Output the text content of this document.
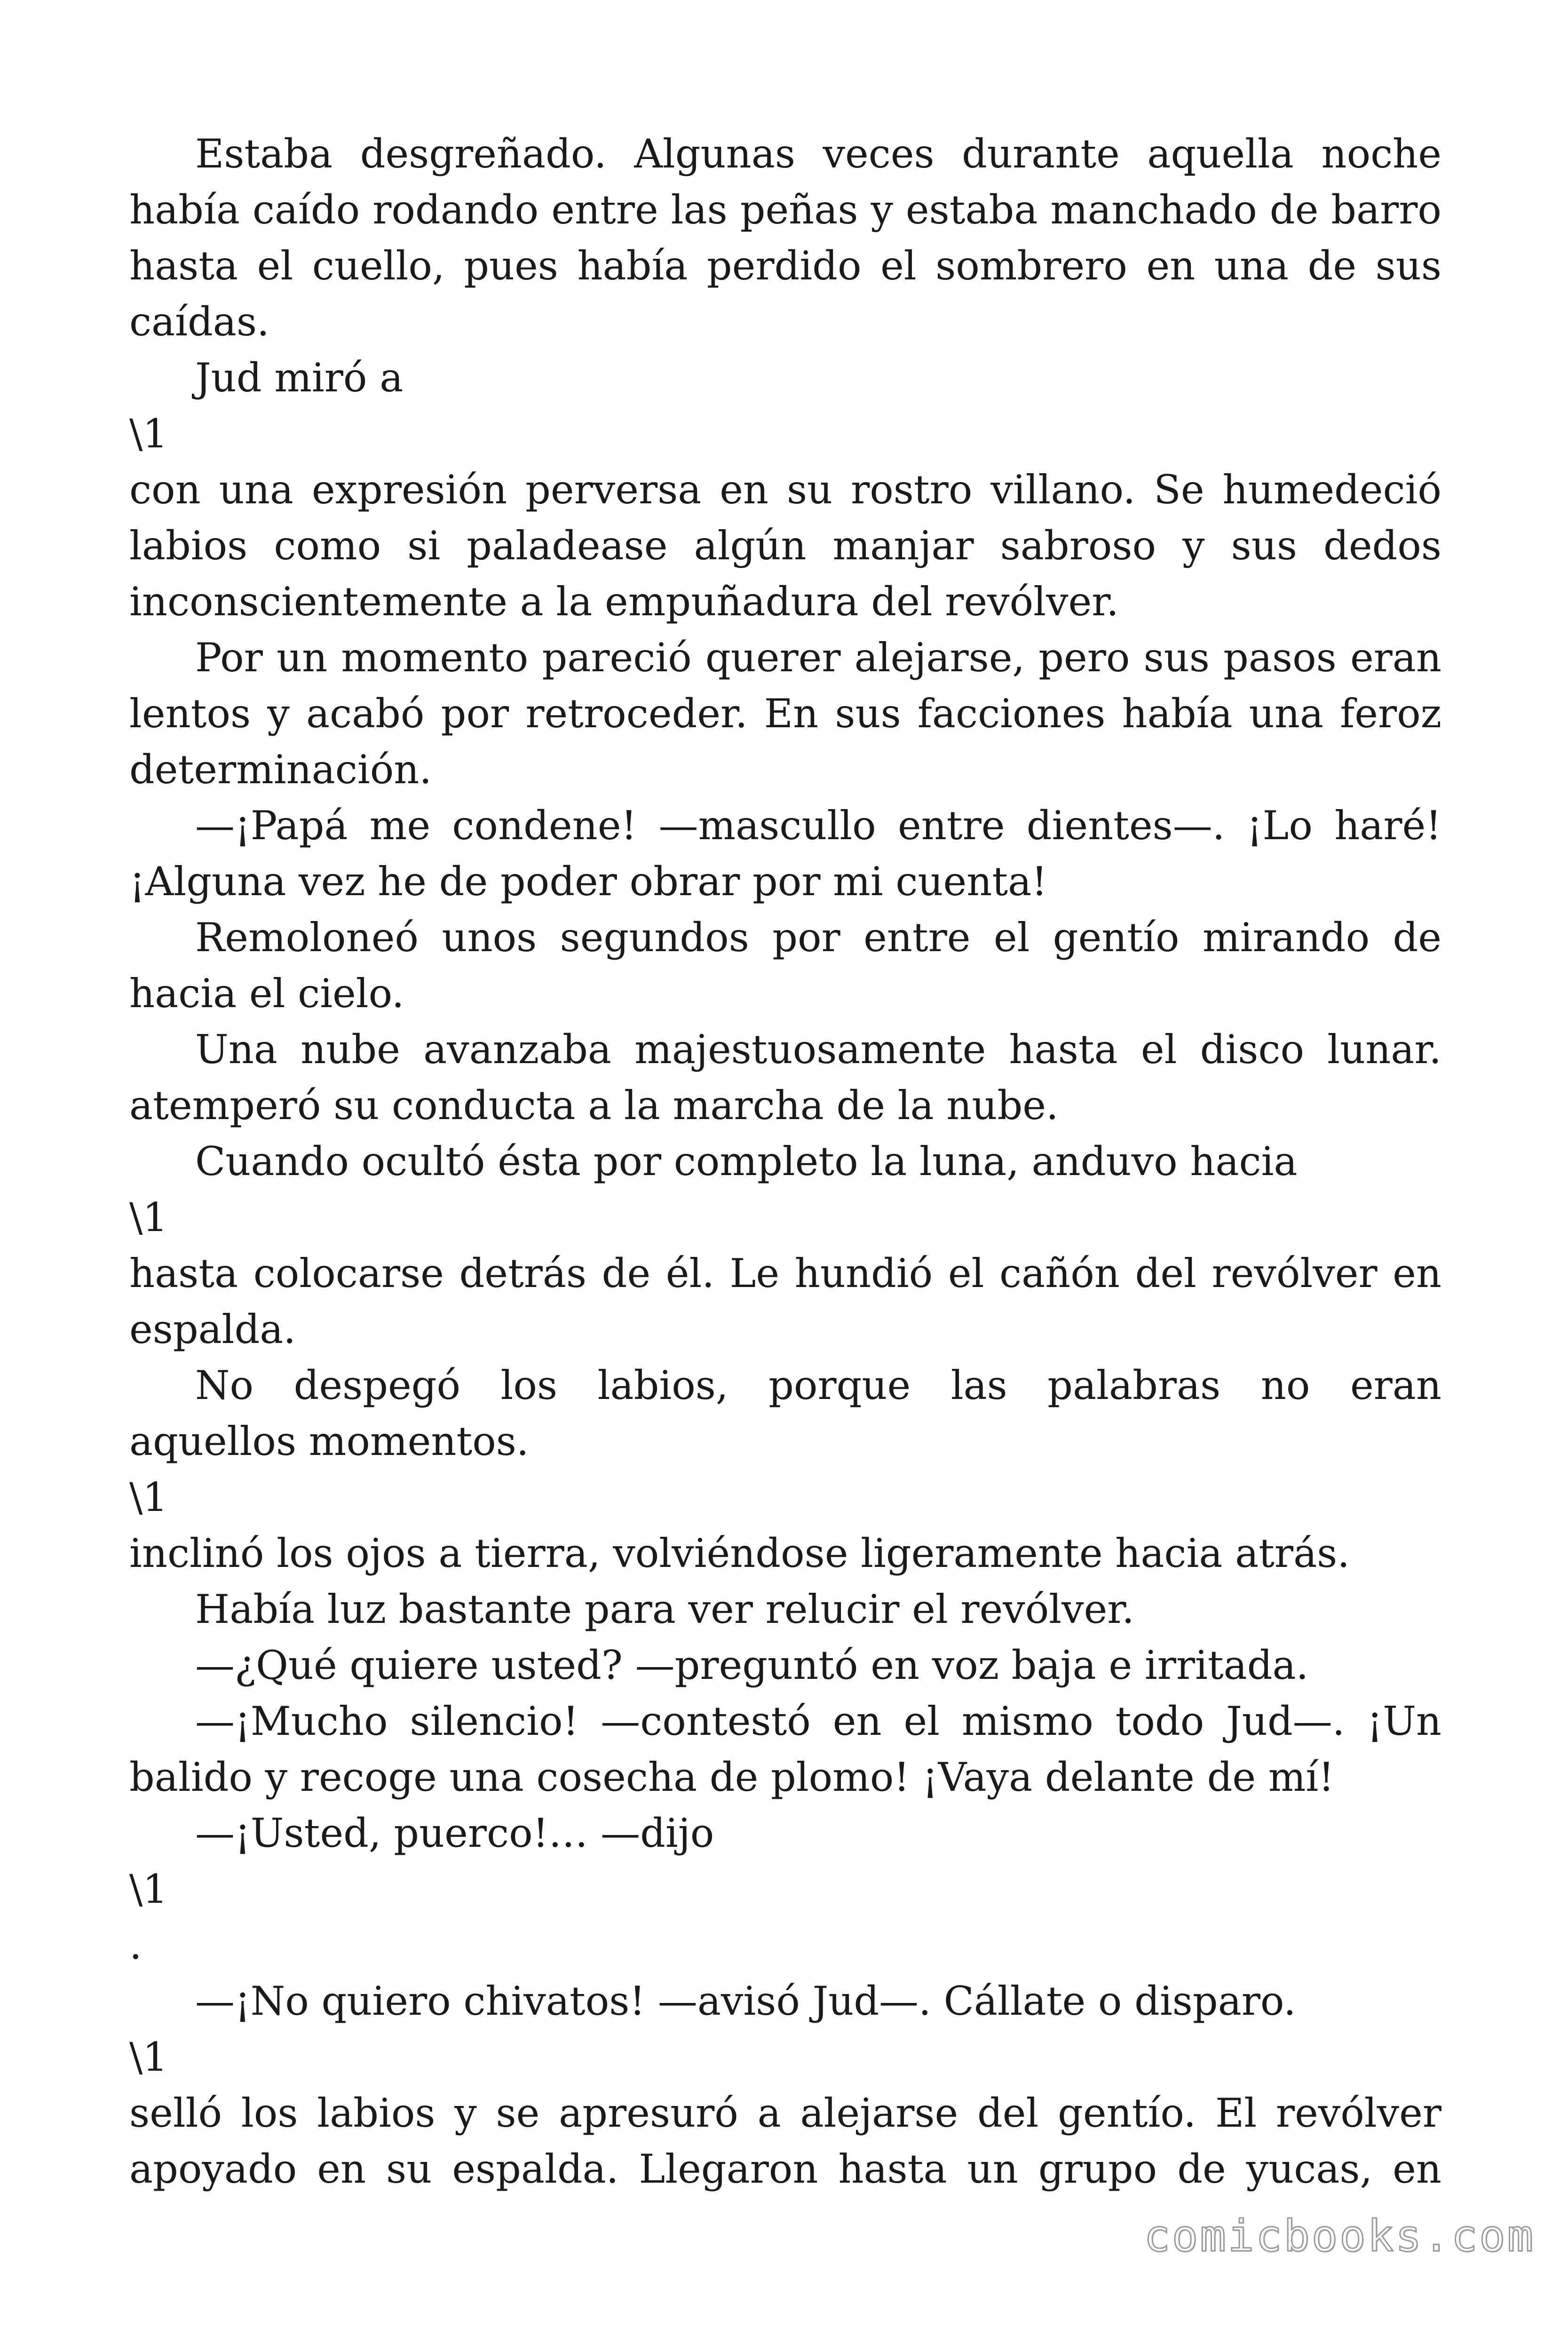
Estaba desgreñado. Algunas veces durante aquella noche
había caído rodando entre las peñas y estaba manchado de barro
hasta el cuello, pues había perdido el sombrero en una de sus
caídas.
Jud miró a
\1
con una expresión perversa en su rostro villano. Se humedeció
labios como si paladease algún manjar sabroso y sus dedos
inconscientemente a la empuñadura del revólver.
Por un momento pareció querer alejarse, pero sus pasos eran
lentos y acabó por retroceder. En sus facciones había una feroz
determinación.
—¡Papá me condene! —mascullo entre dientes—. ¡Lo haré!
¡Alguna vez he de poder obrar por mi cuenta!
Remoloneó unos segundos por entre el gentío mirando de
hacia el cielo.
Una nube avanzaba majestuosamente hasta el disco lunar.
atemperó su conducta a la marcha de la nube.
Cuando ocultó ésta por completo la luna, anduvo hacia
\1
hasta colocarse detrás de él. Le hundió el cañón del revólver en
espalda.
No despegó los labios, porque las palabras no eran
aquellos momentos.
\1
inclinó los ojos a tierra, volviéndose ligeramente hacia atrás.
Había luz bastante para ver relucir el revólver.
—¿Qué quiere usted? —preguntó en voz baja e irritada.
—¡Mucho silencio! —contestó en el mismo todo Jud—. ¡Un
balido y recoge una cosecha de plomo! ¡Vaya delante de mí!
—¡Usted, puerco!… —dijo
\1
.
—¡No quiero chivatos! —avisó Jud—. Cállate o disparo.
\1
selló los labios y se apresuró a alejarse del gentío. El revólver
apoyado en su espalda. Llegaron hasta un grupo de yucas, en
comicbooks.com
